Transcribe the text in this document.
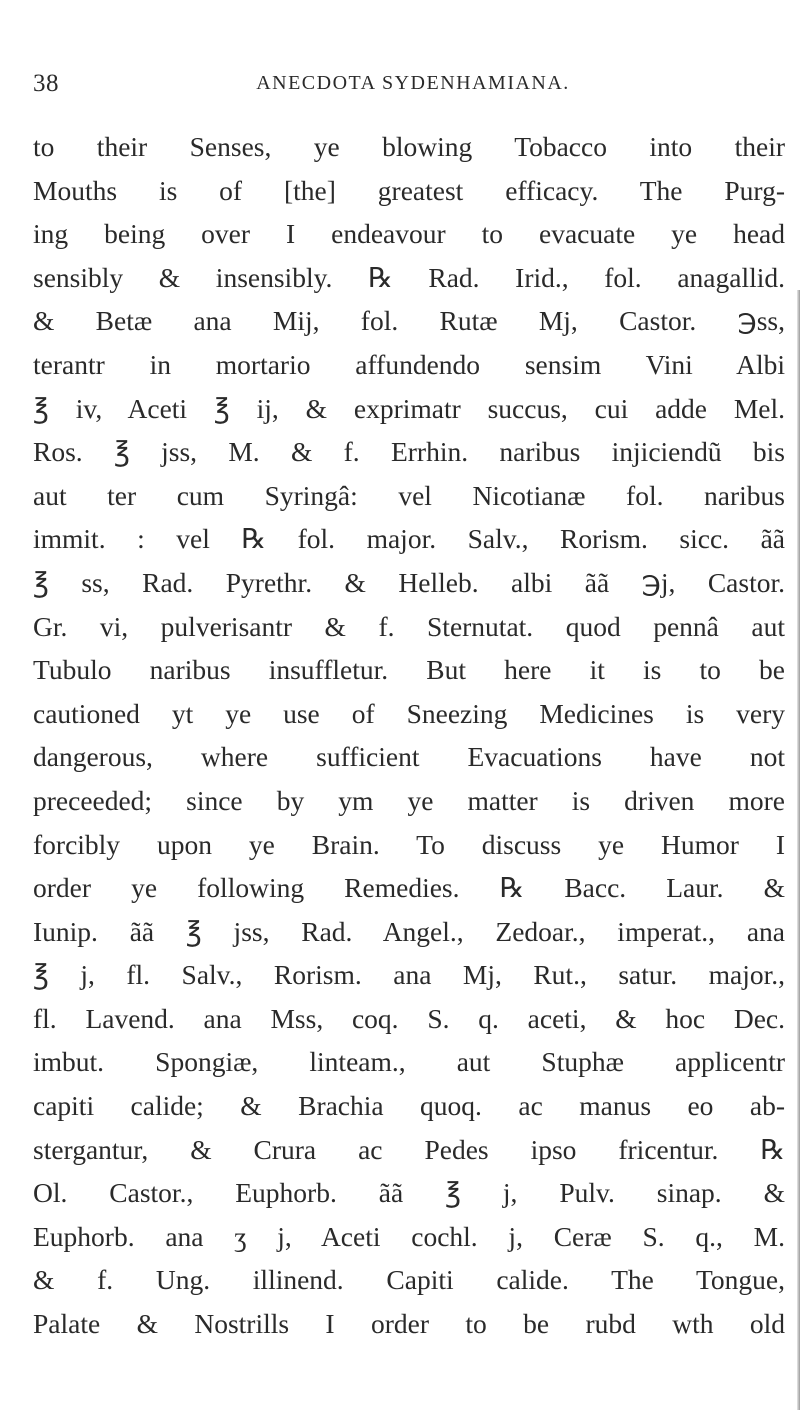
38	ANECDOTA SYDENHAMIANA.
to their Senses, ye blowing Tobacco into their
Mouths is of [the] greatest efficacy. The Purg-
ing being over I endeavour to evacuate ye head
sensibly & insensibly. ℞ Rad. Irid., fol. anagallid.
& Betæ ana Mij, fol. Rutæ Mj, Castor. ℈ss,
terantr in mortario affundendo sensim Vini Albi
℥ iv, Aceti ℥ ij, & exprimatr succus, cui adde Mel.
Ros. ℥ jss, M. & f. Errhin. naribus injiciendũ bis
aut ter cum Syringâ: vel Nicotianæ fol. naribus
immit. : vel ℞ fol. major. Salv., Rorism. sicc. ãã
℥ ss, Rad. Pyrethr. & Helleb. albi ãã ℈j, Castor.
Gr. vi, pulverisantr & f. Sternutat. quod pennâ aut
Tubulo naribus insuffletur. But here it is to be
cautioned yt ye use of Sneezing Medicines is very
dangerous, where sufficient Evacuations have not
preceeded; since by ym ye matter is driven more
forcibly upon ye Brain. To discuss ye Humor I
order ye following Remedies. ℞ Bacc. Laur. &
Iunip. ãã ℥ jss, Rad. Angel., Zedoar., imperat., ana
℥ j, fl. Salv., Rorism. ana Mj, Rut., satur. major.,
fl. Lavend. ana Mss, coq. S. q. aceti, & hoc Dec.
imbut. Spongiæ, linteam., aut Stuphæ applicentr
capiti calide; & Brachia quoq. ac manus eo ab-
stergantur, & Crura ac Pedes ipso fricentur. ℞
Ol. Castor., Euphorb. ãã ℥ j, Pulv. sinap. &
Euphorb. ana ʒ j, Aceti cochl. j, Ceræ S. q., M.
& f. Ung. illinend. Capiti calide. The Tongue,
Palate & Nostrills I order to be rubd wth old
